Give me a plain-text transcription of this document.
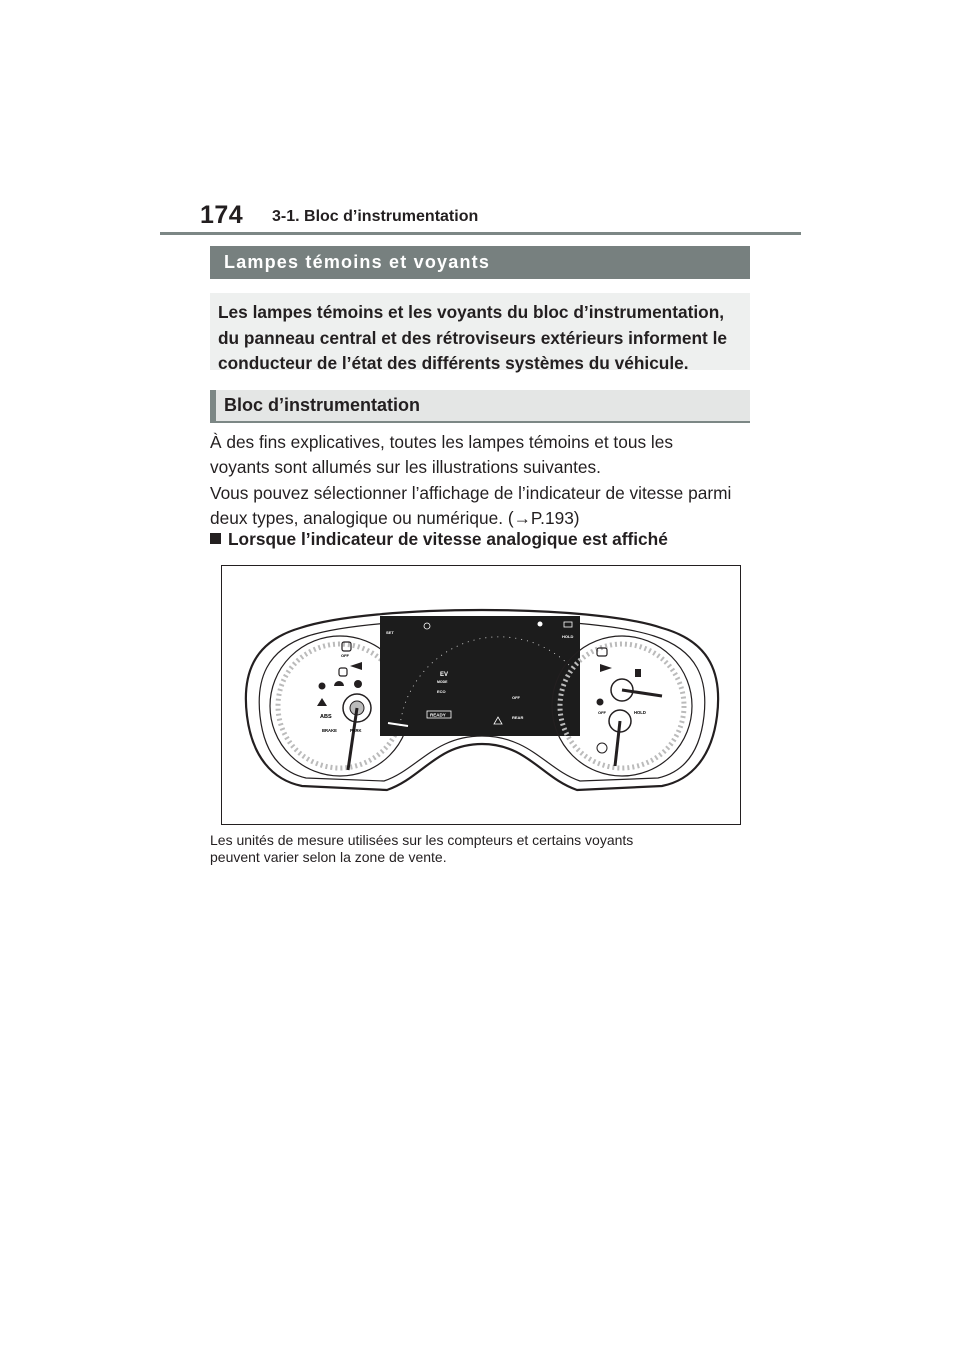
174 3-1. Bloc d’instrumentation
Lampes témoins et voyants
Les lampes témoins et les voyants du bloc d’instrumentation,
du panneau central et des rétroviseurs extérieurs informent le
conducteur de l’état des différents systèmes du véhicule.
Bloc d’instrumentation
À des fins explicatives, toutes les lampes témoins et tous les
voyants sont allumés sur les illustrations suivantes.
Vous pouvez sélectionner l’affichage de l’indicateur de vitesse parmi
deux types, analogique ou numérique. (→P.193)
Lorsque l’indicateur de vitesse analogique est affiché
OFF
ABS
BRAKE	PARK
SET
HOLD
EV
MODE
ECO
READY
OFF
REAR
OFF	HOLD
Les unités de mesure utilisées sur les compteurs et certains voyants
peuvent varier selon la zone de vente.
